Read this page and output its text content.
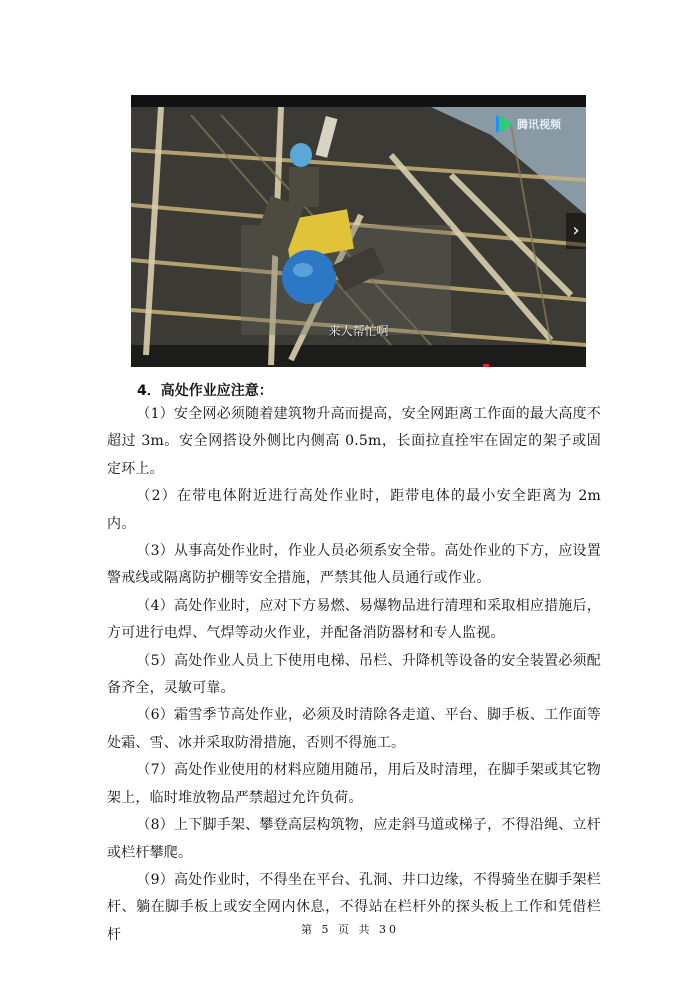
腾讯视频
›
来人帮忙啊
4．高处作业应注意：

（1）安全网必须随着建筑物升高而提高，安全网距离工作面的最大高度不超过 3m。安全网搭设外侧比内侧高 0.5m，长面拉直拴牢在固定的架子或固定环上。

（2）在带电体附近进行高处作业时，距带电体的最小安全距离为 2m 内。

（3）从事高处作业时，作业人员必须系安全带。高处作业的下方，应设置警戒线或隔离防护棚等安全措施，严禁其他人员通行或作业。

（4）高处作业时，应对下方易燃、易爆物品进行清理和采取相应措施后，方可进行电焊、气焊等动火作业，并配备消防器材和专人监视。

（5）高处作业人员上下使用电梯、吊栏、升降机等设备的安全装置必须配备齐全，灵敏可靠。

（6）霜雪季节高处作业，必须及时清除各走道、平台、脚手板、工作面等处霜、雪、冰并采取防滑措施，否则不得施工。

（7）高处作业使用的材料应随用随吊，用后及时清理，在脚手架或其它物架上，临时堆放物品严禁超过允许负荷。

（8）上下脚手架、攀登高层构筑物，应走斜马道或梯子，不得沿绳、立杆或栏杆攀爬。

（9）高处作业时，不得坐在平台、孔洞、井口边缘，不得骑坐在脚手架栏杆、躺在脚手板上或安全网内休息，不得站在栏杆外的探头板上工作和凭借栏杆	第 5 页 共 30
